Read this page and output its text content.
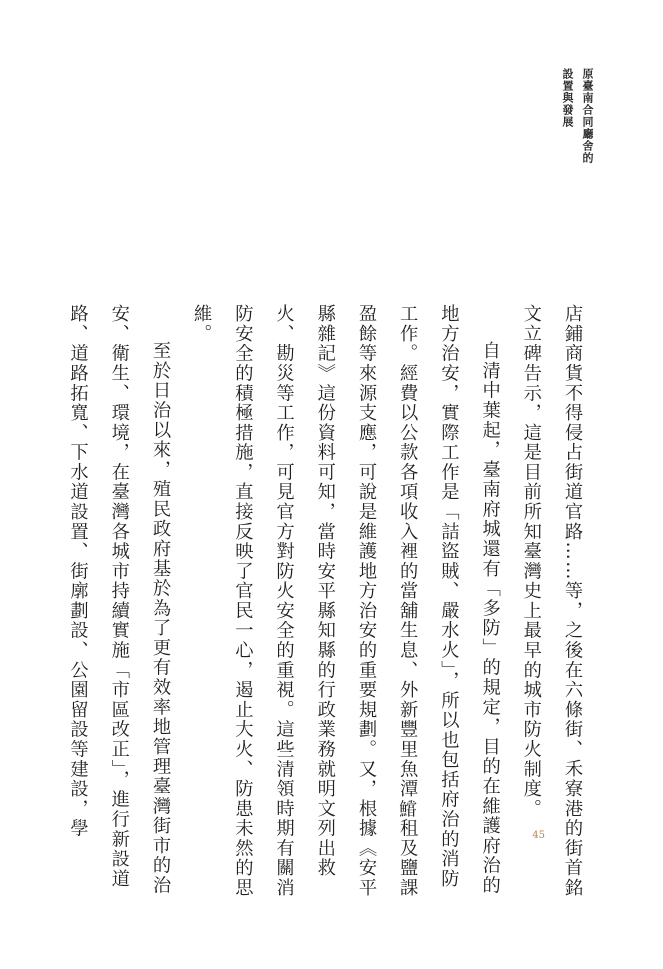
原臺南合同廳舍的
設置與發展
45 店鋪商貨不得侵占街道官路……等，之後在六條街、禾寮港的街首銘文立碑告示，這是目前所知臺灣史上最早的城市防火制度。

自清中葉起，臺南府城還有「多防」的規定，目的在維護府治的地方治安，實際工作是「詰盜賊、嚴水火」，所以也包括府治的消防工作。經費以公款各項收入裡的當舖生息、外新豐里魚潭𩼝租及鹽課盈餘等來源支應，可說是維護地方治安的重要規劃。又，根據《安平縣雜記》這份資料可知，當時安平縣知縣的行政業務就明文列出救火、勘災等工作，可見官方對防火安全的重視。這些清領時期有關消防安全的積極措施，直接反映了官民一心，遏止大火、防患未然的思維。

至於日治以來，殖民政府基於為了更有效率地管理臺灣街市的治安、衛生、環境，在臺灣各城市持續實施「市區改正」，進行新設道路、道路拓寬、下水道設置、街廓劃設、公園留設等建設，學
